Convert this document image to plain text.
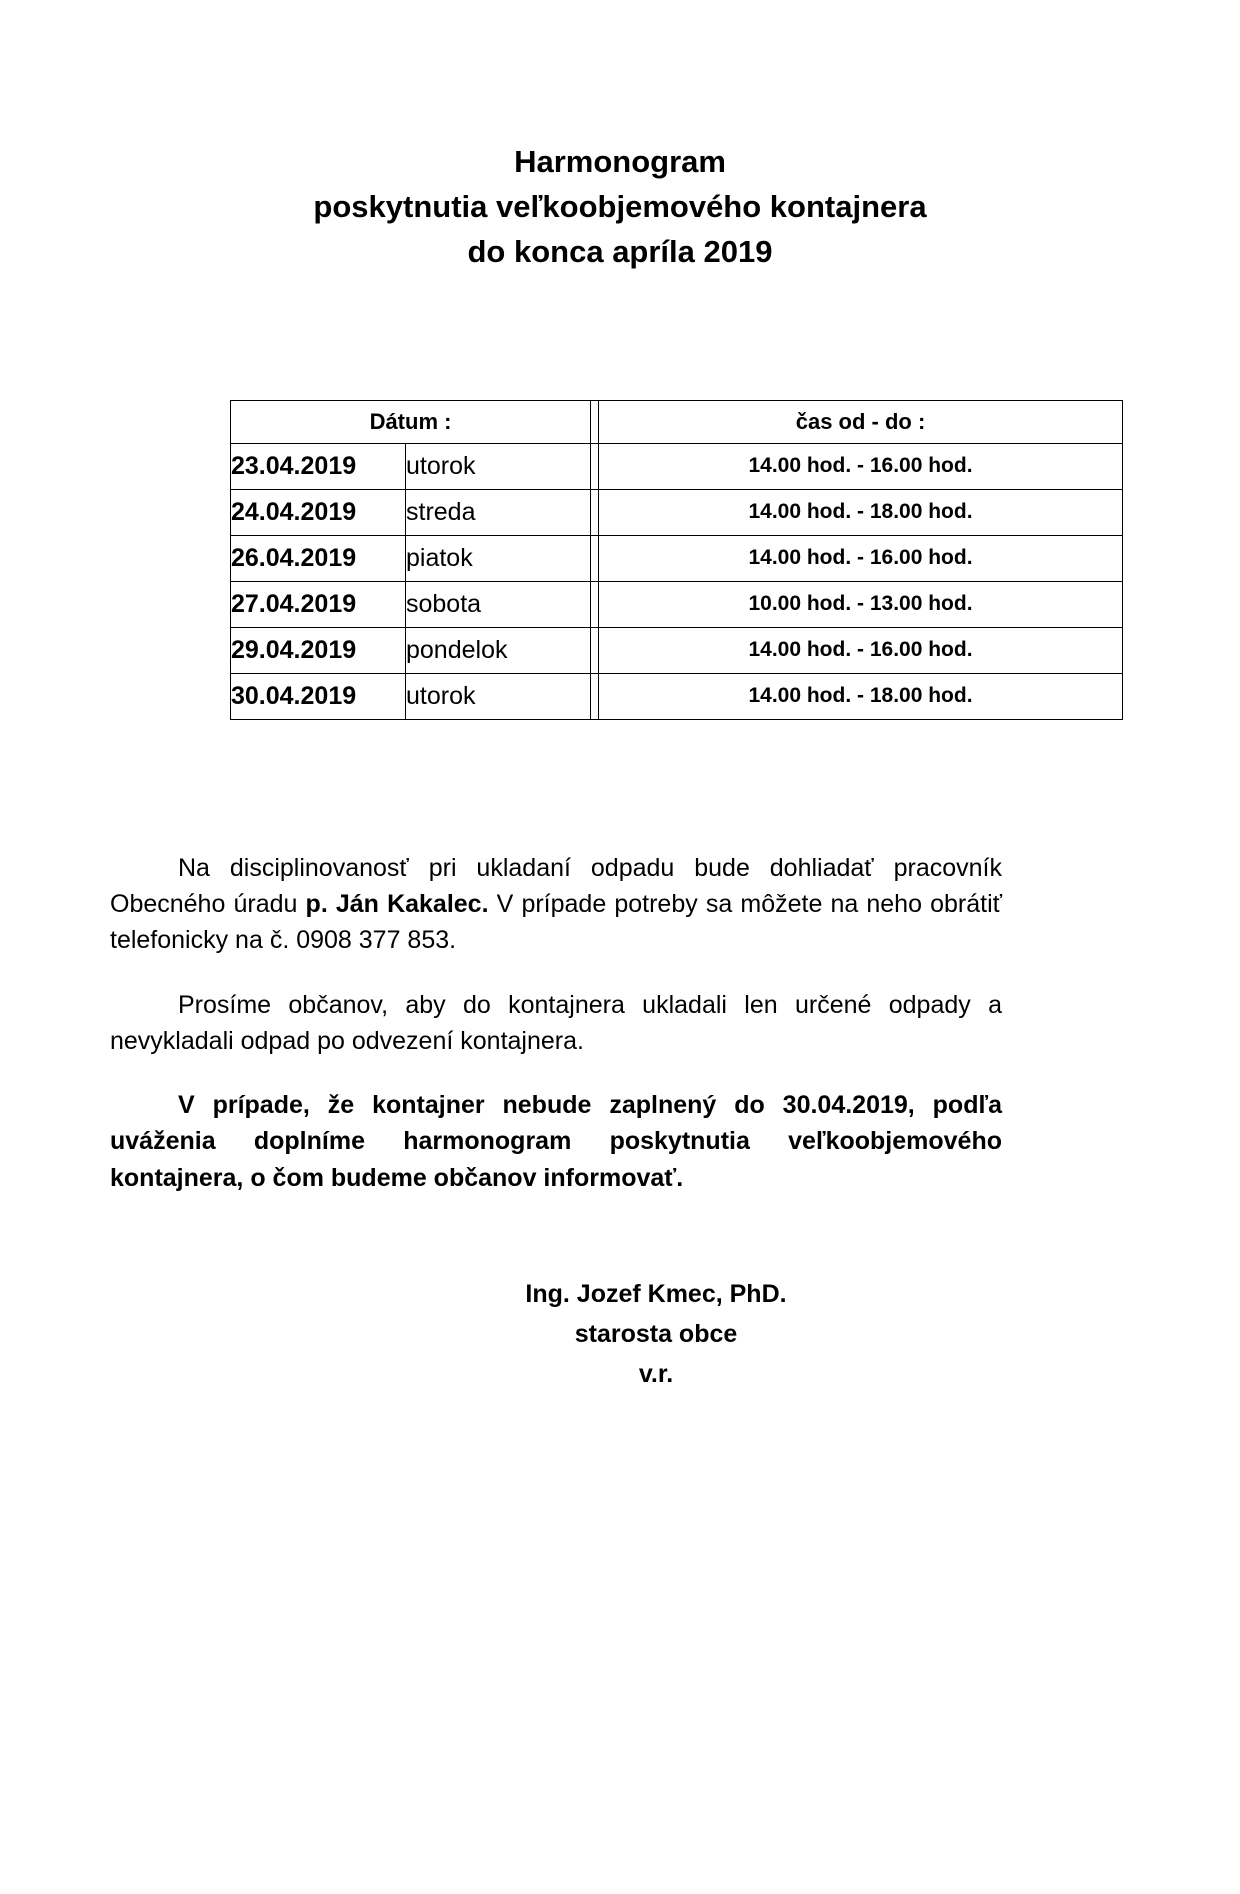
Harmonogram
poskytnutia veľkoobjemového kontajnera
do konca apríla 2019
Dátum :			čas od - do :
23.04.2019	utorok		14.00 hod. - 16.00 hod.
24.04.2019	streda		14.00 hod. - 18.00 hod.
26.04.2019	piatok		14.00 hod. - 16.00 hod.
27.04.2019	sobota		10.00 hod. - 13.00 hod.
29.04.2019	pondelok		14.00 hod. - 16.00 hod.
30.04.2019	utorok		14.00 hod. - 18.00 hod.

Na disciplinovanosť pri ukladaní odpadu bude dohliadať pracovník Obecného úradu p. Ján Kakalec. V prípade potreby sa môžete na neho obrátiť telefonicky na č. 0908 377 853.

Prosíme občanov, aby do kontajnera ukladali len určené odpady a nevykladali odpad po odvezení kontajnera.

V prípade, že kontajner nebude zaplnený do 30.04.2019, podľa uváženia doplníme harmonogram poskytnutia veľkoobjemového kontajnera, o čom budeme občanov informovať.

Ing. Jozef Kmec, PhD.
starosta obce
v.r.
